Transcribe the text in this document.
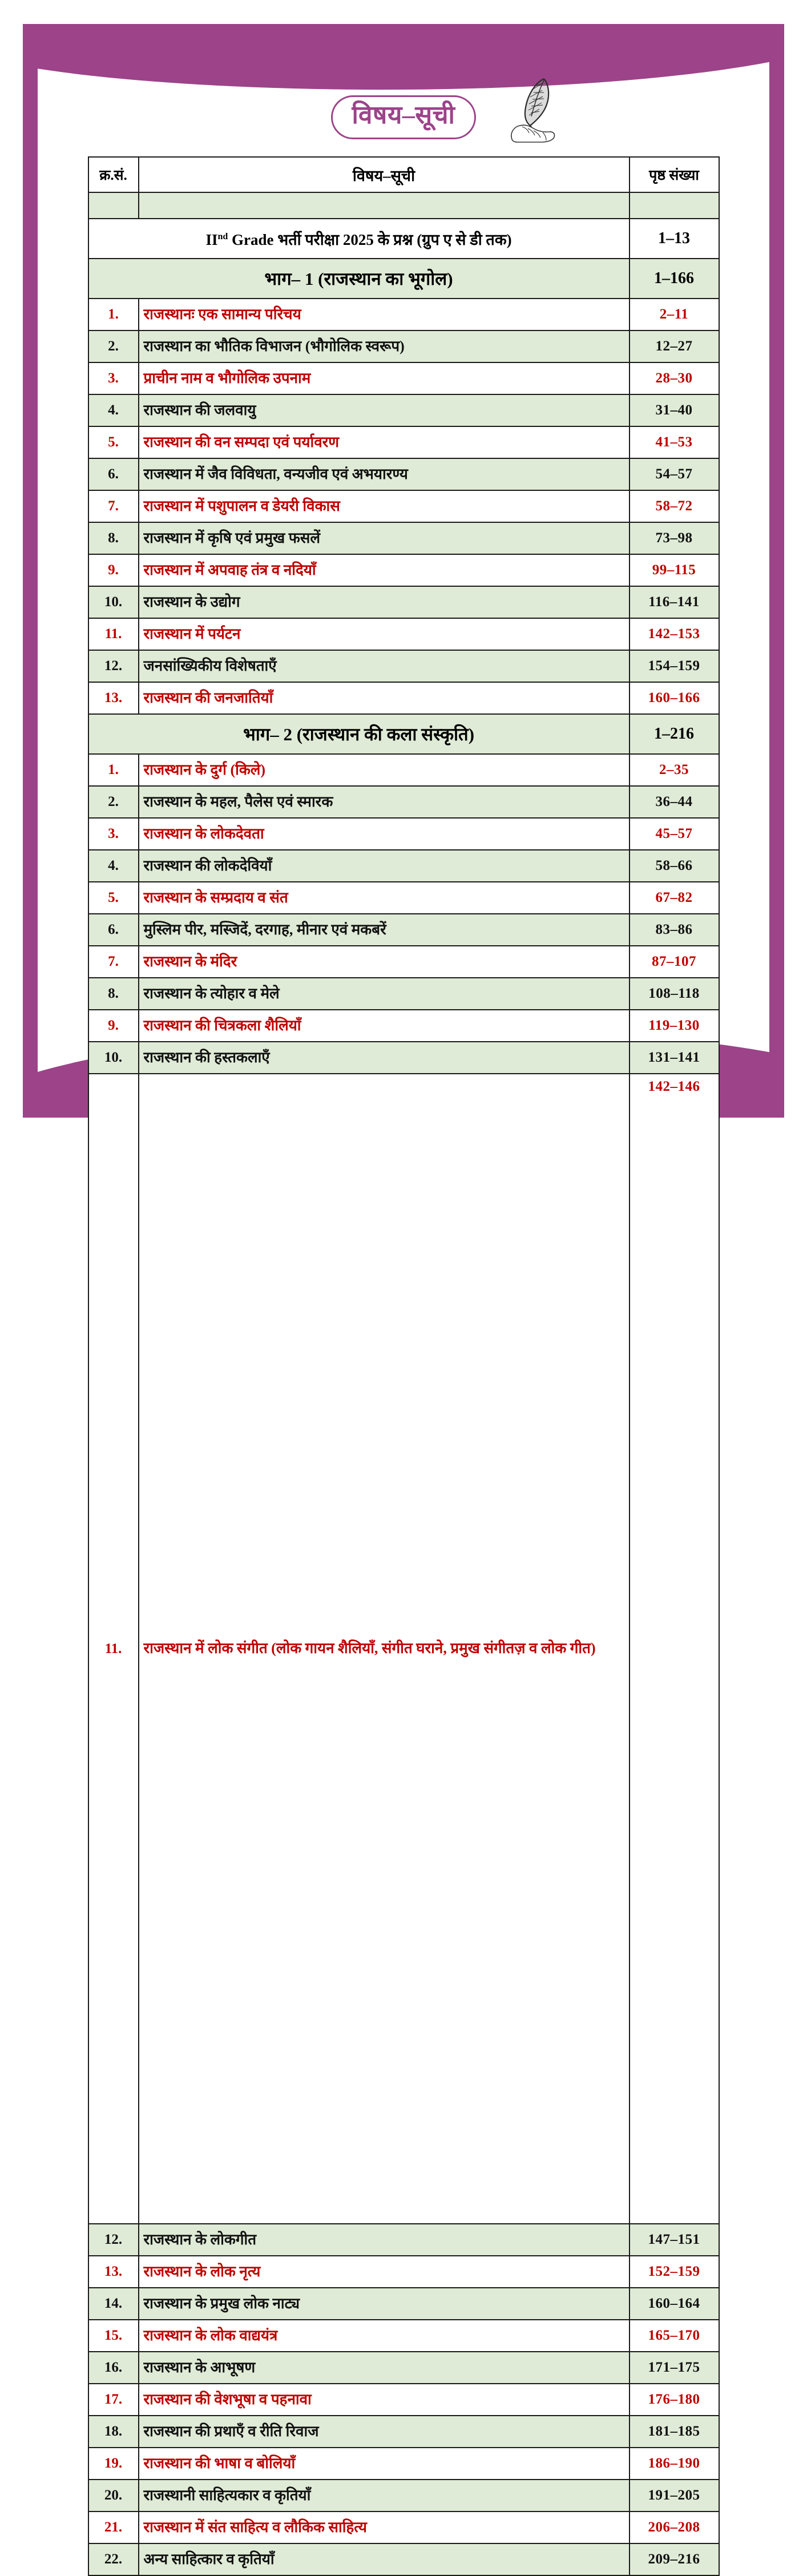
विषय–सूची
क्र.सं.	विषय–सूची	पृष्ठ संख्या

IInd Grade भर्ती परीक्षा 2025 के प्रश्न (ग्रुप ए से डी तक)		1–13
भाग– 1 (राजस्थान का भूगोल)		1–166
1.	राजस्थानः एक सामान्य परिचय	2–11
2.	राजस्थान का भौतिक विभाजन (भौगोलिक स्वरूप)	12–27
3.	प्राचीन नाम व भौगोलिक उपनाम	28–30
4.	राजस्थान की जलवायु	31–40
5.	राजस्थान की वन सम्पदा एवं पर्यावरण	41–53
6.	राजस्थान में जैव विविधता, वन्यजीव एवं अभयारण्य	54–57
7.	राजस्थान में पशुपालन व डेयरी विकास	58–72
8.	राजस्थान में कृषि एवं प्रमुख फसलें	73–98
9.	राजस्थान में अपवाह तंत्र व नदियाँ	99–115
10.	राजस्थान के उद्योग	116–141
11.	राजस्थान में पर्यटन	142–153
12.	जनसांख्यिकीय विशेषताएँ	154–159
13.	राजस्थान की जनजातियाँ	160–166
भाग– 2 (राजस्थान की कला संस्कृति)		1–216
1.	राजस्थान के दुर्ग (किले)	2–35
2.	राजस्थान के महल, पैलेस एवं स्मारक	36–44
3.	राजस्थान के लोकदेवता	45–57
4.	राजस्थान की लोकदेवियाँ	58–66
5.	राजस्थान के सम्प्रदाय व संत	67–82
6.	मुस्लिम पीर, मस्जिदें, दरगाह, मीनार एवं मकबरें	83–86
7.	राजस्थान के मंदिर	87–107
8.	राजस्थान के त्योहार व मेले	108–118
9.	राजस्थान की चित्रकला शैलियाँ	119–130
10.	राजस्थान की हस्तकलाएँ	131–141
11.	राजस्थान में लोक संगीत (लोक गायन शैलियाँ, संगीत घराने, प्रमुख संगीतज़ व लोक गीत)	142–146
12.	राजस्थान के लोकगीत	147–151
13.	राजस्थान के लोक नृत्य	152–159
14.	राजस्थान के प्रमुख लोक नाट्य	160–164
15.	राजस्थान के लोक वाद्ययंत्र	165–170
16.	राजस्थान के आभूषण	171–175
17.	राजस्थान की वेशभूषा व पहनावा	176–180
18.	राजस्थान की प्रथाएँ व रीति रिवाज	181–185
19.	राजस्थान की भाषा व बोलियाँ	186–190
20.	राजस्थानी साहित्यकार व कृतियाँ	191–205
21.	राजस्थान में संत साहित्य व लौकिक साहित्य	206–208
22.	अन्य साहित्कार व कृतियाँ	209–216
